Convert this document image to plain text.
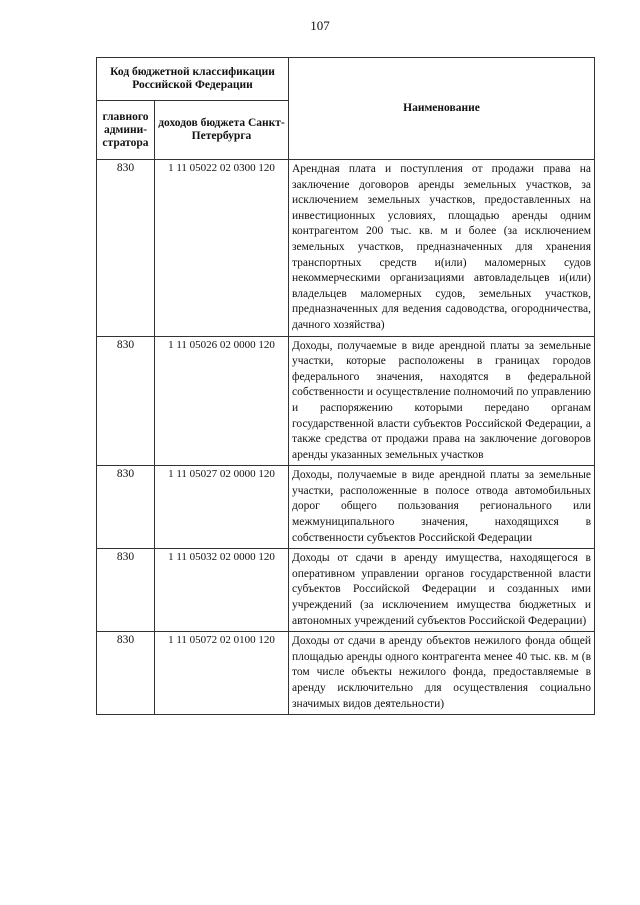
107
Код бюджетной классификации Российской Федерации		Наименование
главного админи-стратора	доходов бюджета Санкт-Петербурга	
830	1 11 05022 02 0300 120	Арендная плата и поступления от продажи права на заключение договоров аренды земельных участков, за исключением земельных участков, предоставленных на инвестиционных условиях, площадью аренды одним контрагентом 200 тыс. кв. м и более (за исключением земельных участков, предназначенных для хранения транспортных средств и(или) маломерных судов некоммерческими организациями автовладельцев и(или) владельцев маломерных судов, земельных участков, предназначенных для ведения садоводства, огородничества, дачного хозяйства)
830	1 11 05026 02 0000 120	Доходы, получаемые в виде арендной платы за земельные участки, которые расположены в границах городов федерального значения, находятся в федеральной собственности и осуществление полномочий по управлению и распоряжению которыми передано органам государственной власти субъектов Российской Федерации, а также средства от продажи права на заключение договоров аренды указанных земельных участков
830	1 11 05027 02 0000 120	Доходы, получаемые в виде арендной платы за земельные участки, расположенные в полосе отвода автомобильных дорог общего пользования регионального или межмуниципального значения, находящихся в собственности субъектов Российской Федерации
830	1 11 05032 02 0000 120	Доходы от сдачи в аренду имущества, находящегося в оперативном управлении органов государственной власти субъектов Российской Федерации и созданных ими учреждений (за исключением имущества бюджетных и автономных учреждений субъектов Российской Федерации)
830	1 11 05072 02 0100 120	Доходы от сдачи в аренду объектов нежилого фонда общей площадью аренды одного контрагента менее 40 тыс. кв. м (в том числе объекты нежилого фонда, предоставляемые в аренду исключительно для осуществления социально значимых видов деятельности)
